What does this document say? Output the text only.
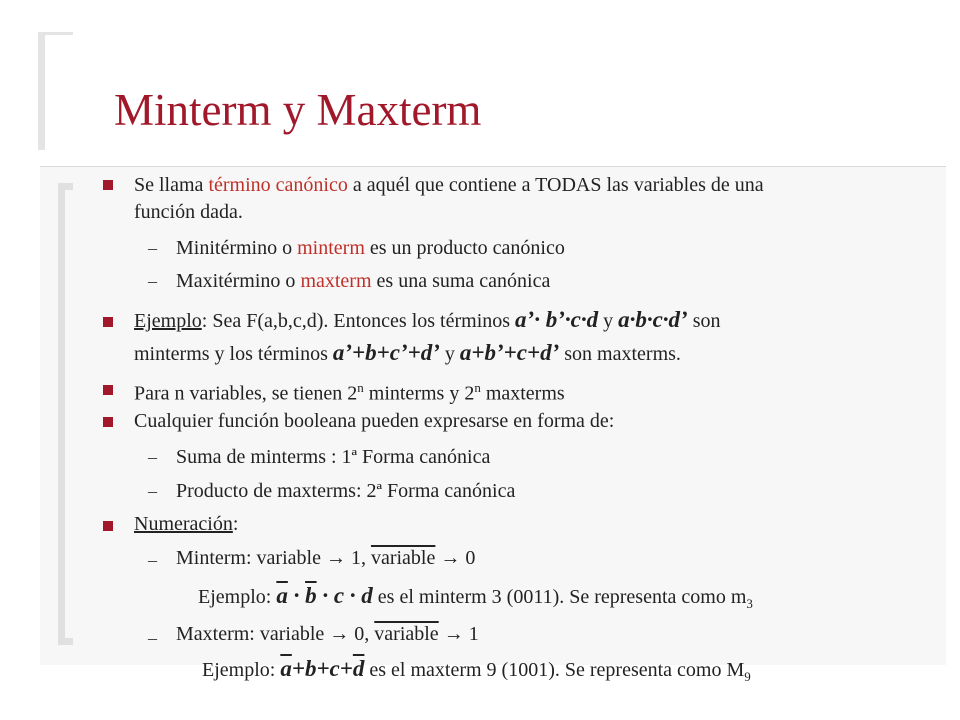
Minterm y Maxterm
Se llama término canónico a aquél que contiene a TODAS las variables de una
función dada.
– Minitérmino o minterm es un producto canónico
– Maxitérmino o maxterm es una suma canónica
Ejemplo: Sea F(a,b,c,d). Entonces los términos a’· b’·c·d y a·b·c·d’ son
minterms y los términos a’+b+c’+d’ y a+b’+c+d’ son maxterms.
Para n variables, se tienen 2$^n$ minterms y 2$^n$ maxterms
Cualquier función booleana pueden expresarse en forma de:
– Suma de minterms : 1ª Forma canónica
– Producto de maxterms: 2ª Forma canónica
Numeración:
– Minterm: variable → 1, variable → 0
Ejemplo: $\overline{a} \cdot \overline{b} \cdot c \cdot d$ es el minterm 3 (0011). Se representa como $m_3$
– Maxterm: variable → 0, variable → 1
Ejemplo: $\overline{a}+b+c+\overline{d}$ es el maxterm 9 (1001). Se representa como $M_9$
